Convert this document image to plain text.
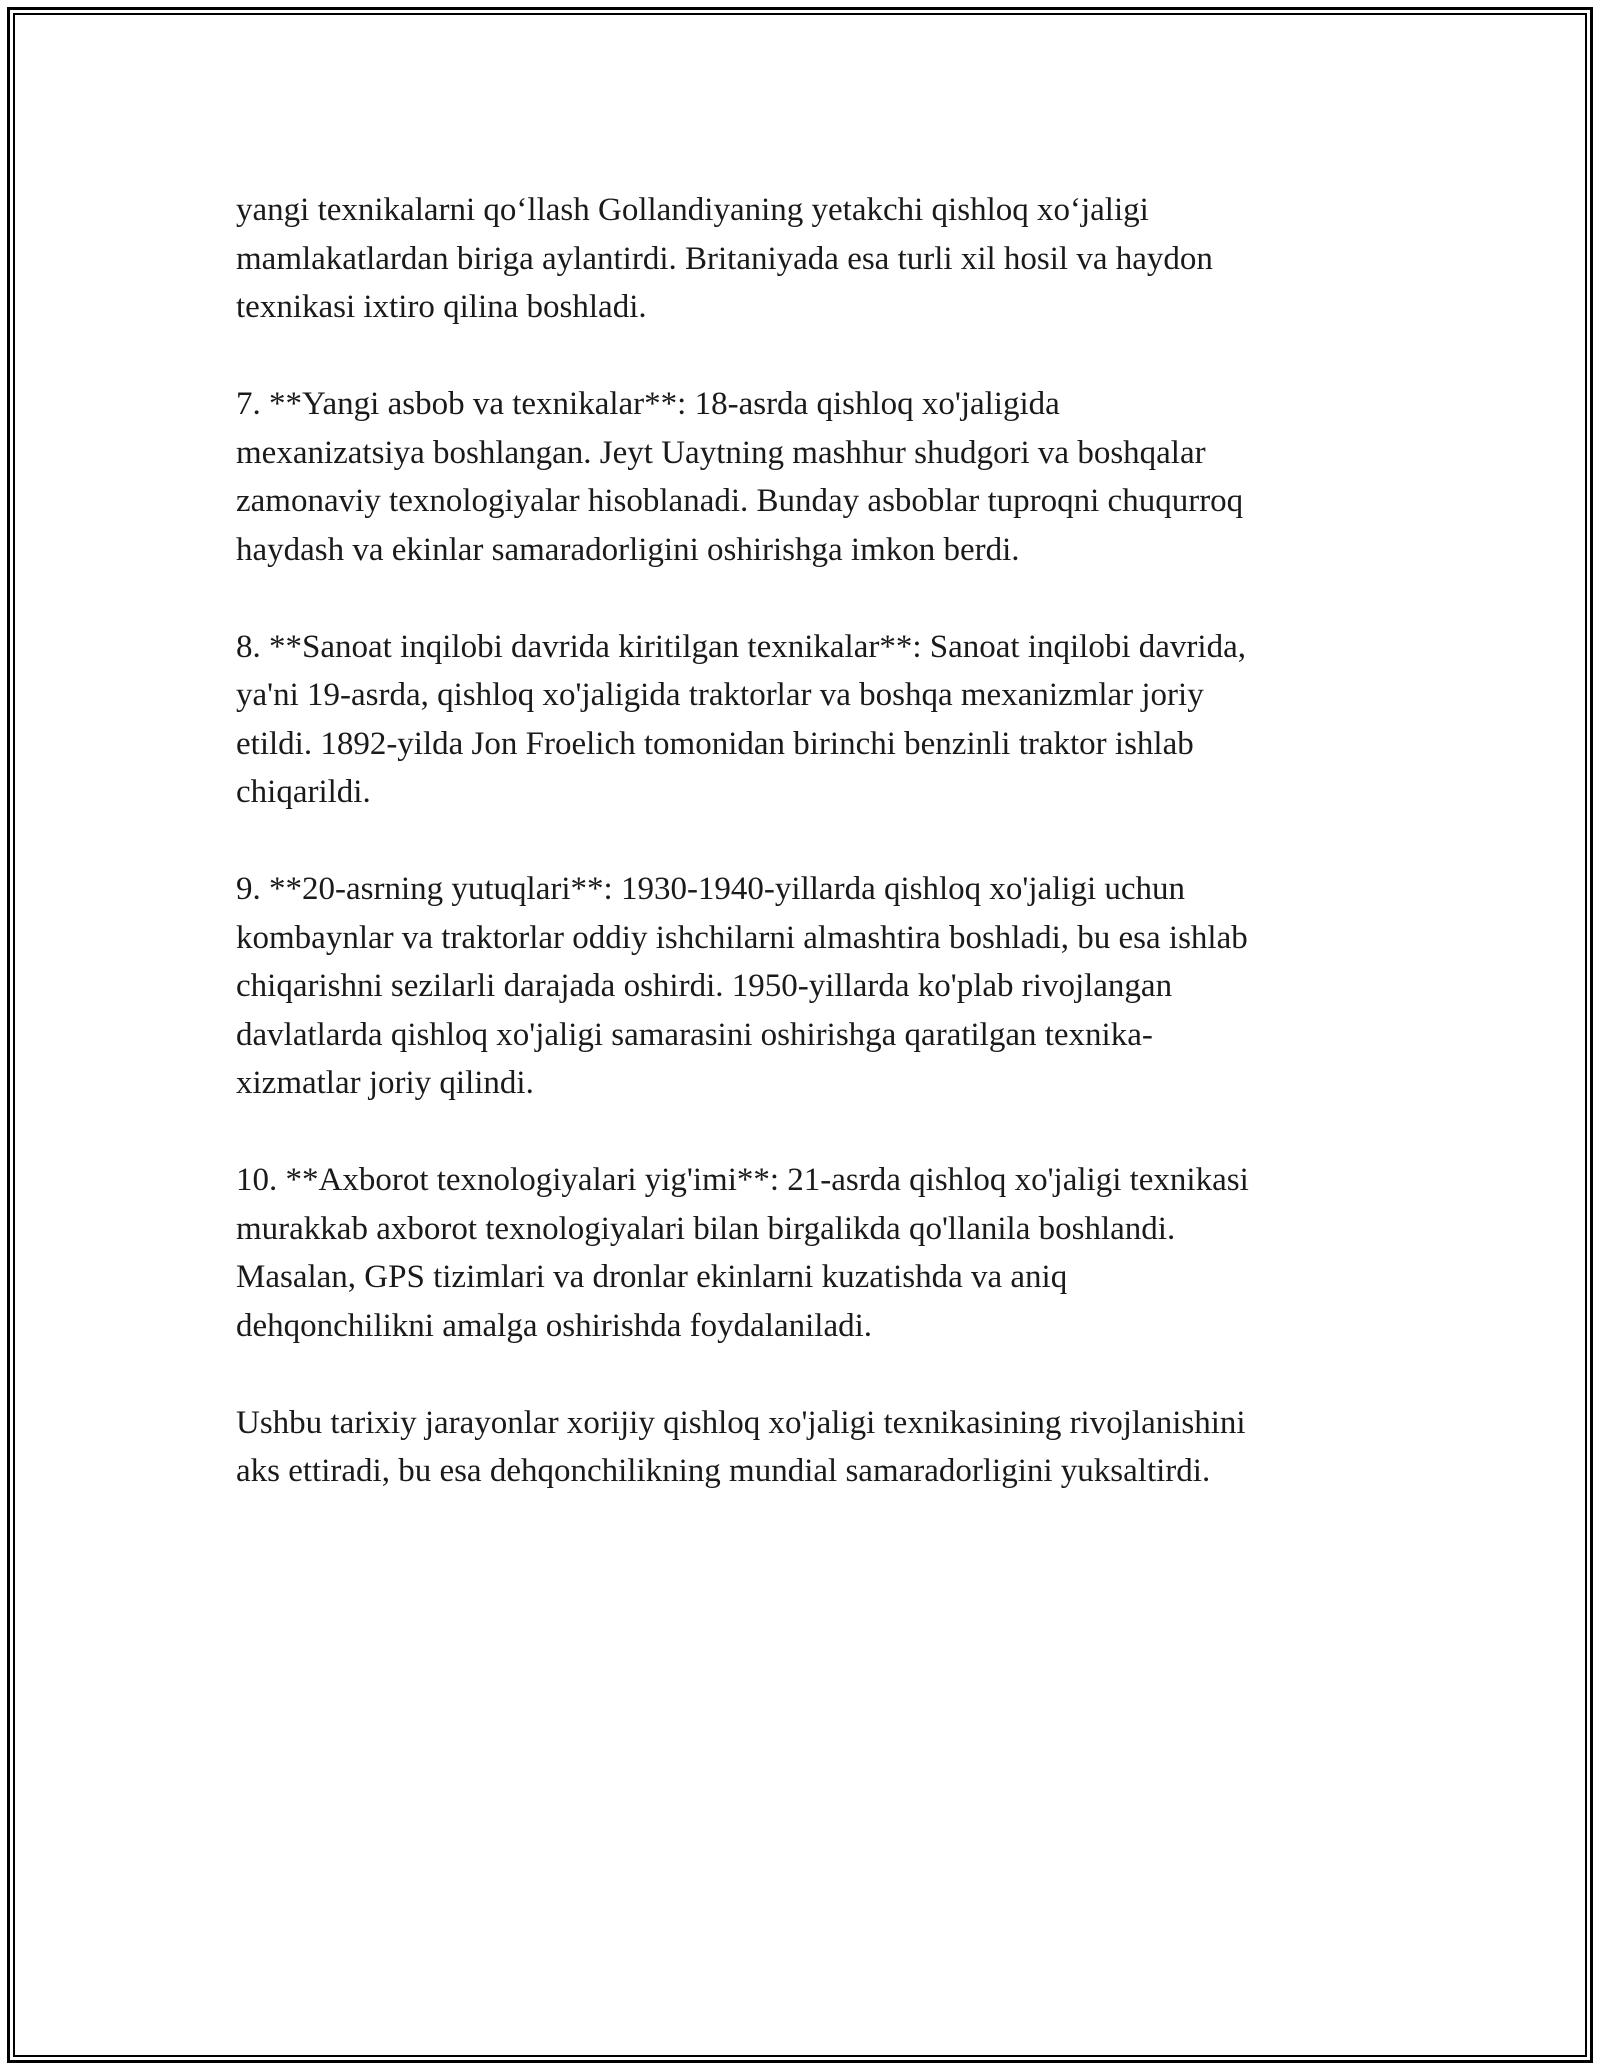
yangi texnikalarni qo‘llash Gollandiyaning yetakchi qishloq xo‘jaligi
mamlakatlardan biriga aylantirdi. Britaniyada esa turli xil hosil va haydon
texnikasi ixtiro qilina boshladi.

7. **Yangi asbob va texnikalar**: 18-asrda qishloq xo'jaligida
mexanizatsiya boshlangan. Jeyt Uaytning mashhur shudgori va boshqalar
zamonaviy texnologiyalar hisoblanadi. Bunday asboblar tuproqni chuqurroq
haydash va ekinlar samaradorligini oshirishga imkon berdi.

8. **Sanoat inqilobi davrida kiritilgan texnikalar**: Sanoat inqilobi davrida,
ya'ni 19-asrda, qishloq xo'jaligida traktorlar va boshqa mexanizmlar joriy
etildi. 1892-yilda Jon Froelich tomonidan birinchi benzinli traktor ishlab
chiqarildi.

9. **20-asrning yutuqlari**: 1930-1940-yillarda qishloq xo'jaligi uchun
kombaynlar va traktorlar oddiy ishchilarni almashtira boshladi, bu esa ishlab
chiqarishni sezilarli darajada oshirdi. 1950-yillarda ko'plab rivojlangan
davlatlarda qishloq xo'jaligi samarasini oshirishga qaratilgan texnika-
xizmatlar joriy qilindi.

10. **Axborot texnologiyalari yig'imi**: 21-asrda qishloq xo'jaligi texnikasi
murakkab axborot texnologiyalari bilan birgalikda qo'llanila boshlandi.
Masalan, GPS tizimlari va dronlar ekinlarni kuzatishda va aniq
dehqonchilikni amalga oshirishda foydalaniladi.

Ushbu tarixiy jarayonlar xorijiy qishloq xo'jaligi texnikasining rivojlanishini
aks ettiradi, bu esa dehqonchilikning mundial samaradorligini yuksaltirdi.
